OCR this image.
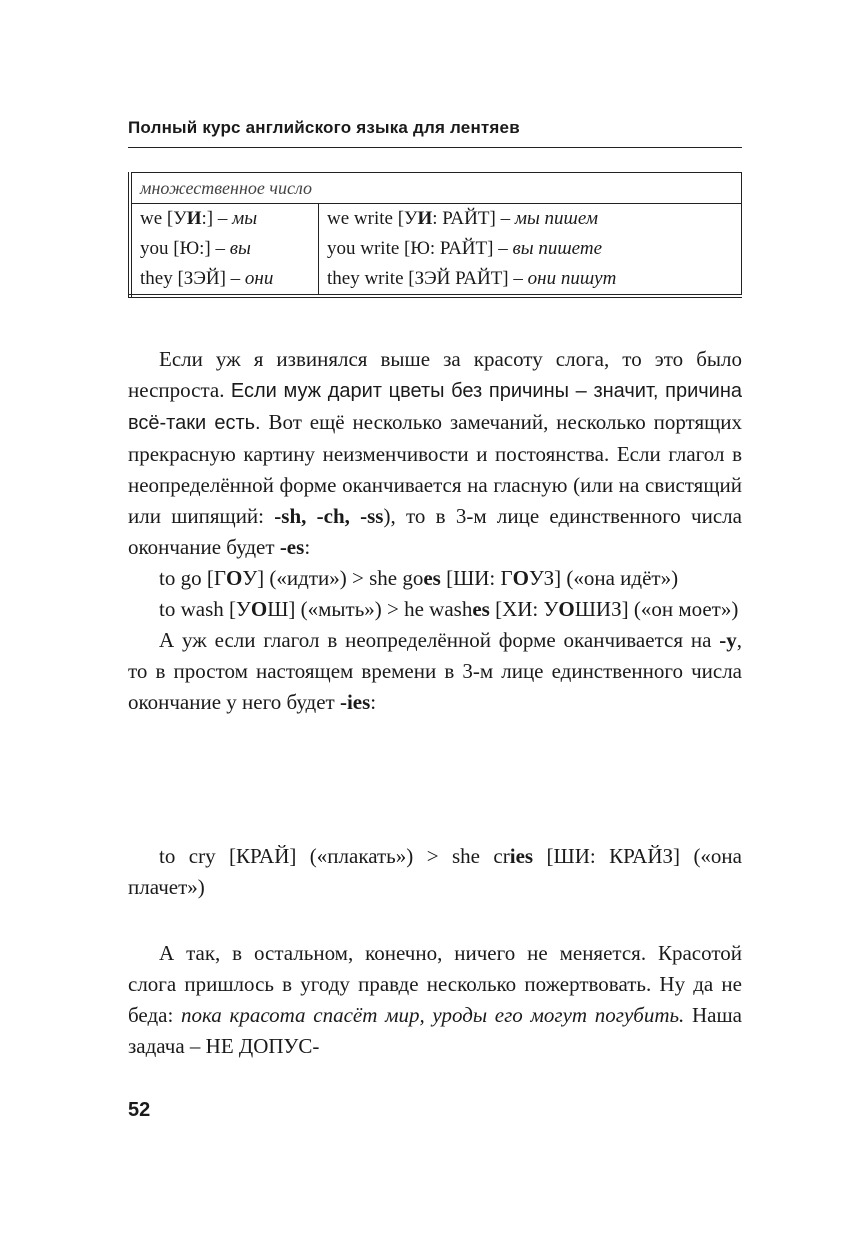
Полный курс английского языка для лентяев
множественное число	
we [УИ:] – мы	we write [УИ: РАЙТ] – мы пишем
you [Ю:] – вы	you write [Ю: РАЙТ] – вы пишете
they [ЗЭЙ] – они	they write [ЗЭЙ РАЙТ] – они пишут

Если уж я извинялся выше за красоту слога, то это было неспроста. Если муж дарит цветы без причины – значит, причина всё-таки есть. Вот ещё несколько замечаний, несколько портящих прекрасную картину неизменчивости и постоянства. Если глагол в неопределённой форме оканчивается на гласную (или на свистящий или шипящий: -sh, -ch, -ss), то в 3-м лице единственного числа окончание будет -es:

to go [ГОУ] («идти») > she goes [ШИ: ГОУЗ] («она идёт»)

to wash [УОШ] («мыть») > he washes [ХИ: УОШИЗ] («он моет»)

А уж если глагол в неопределённой форме оканчивается на -y, то в простом настоящем времени в 3-м лице единственного числа окончание у него будет -ies:

to cry [КРАЙ] («плакать») > she cries [ШИ: КРАЙЗ] («она плачет»)

А так, в остальном, конечно, ничего не меняется. Красотой слога пришлось в угоду правде несколько пожертвовать. Ну да не беда: пока красота спасёт мир, уроды его могут погубить. Наша задача – НЕ ДОПУС-

52
